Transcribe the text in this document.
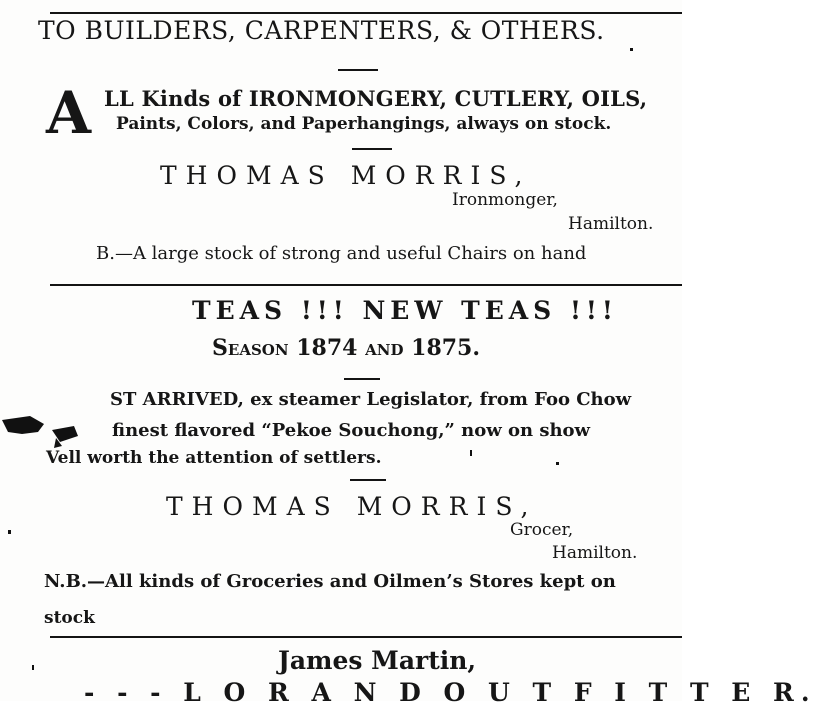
TO BUILDERS, CARPENTERS, & OTHERS.
A LL Kinds of IRONMONGERY, CUTLERY, OILS,
Paints, Colors, and Paperhangings, always on stock.
THOMAS MORRIS,
Ironmonger,
Hamilton.
B.—A large stock of strong and useful Chairs on hand
TEAS !!! NEW TEAS !!!
Season 1874 and 1875.
ST ARRIVED, ex steamer Legislator, from Foo Chow
finest flavored “Pekoe Souchong,” now on show
Vell worth the attention of settlers.
THOMAS MORRIS,
Grocer,
Hamilton.
N.B.—All kinds of Groceries and Oilmen’s Stores kept on
stock
James Martin,
‐ ‐ ‐ L O R A N D O U T F I T T E R.
